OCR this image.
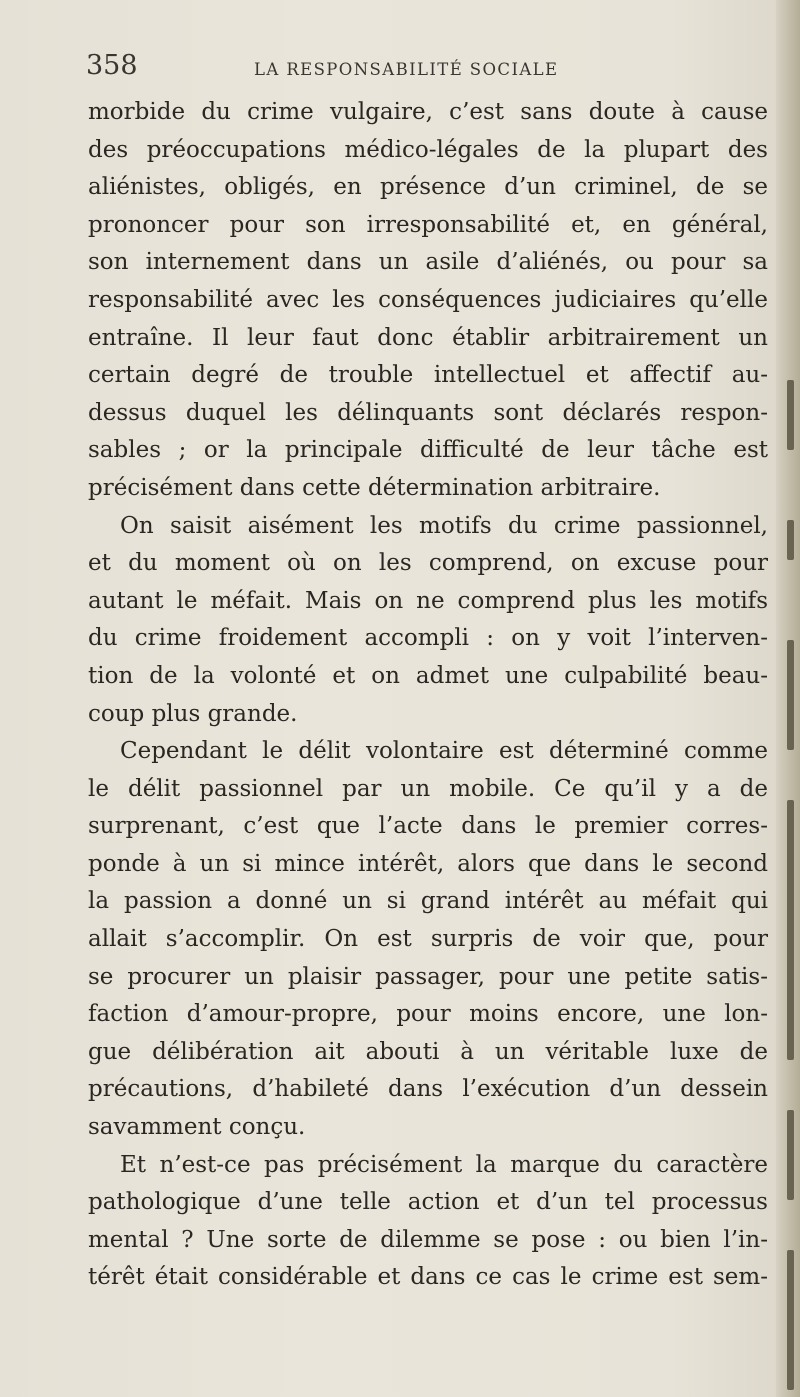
358	LA RESPONSABILITÉ SOCIALE
morbide du crime vulgaire, c’est sans doute à cause
des préoccupations médico-légales de la plupart des
aliénistes, obligés, en présence d’un criminel, de se
prononcer pour son irresponsabilité et, en général,
son internement dans un asile d’aliénés, ou pour sa
responsabilité avec les conséquences judiciaires qu’elle
entraîne. Il leur faut donc établir arbitrairement un
certain degré de trouble intellectuel et affectif au-
dessus duquel les délinquants sont déclarés respon-
sables ; or la principale difficulté de leur tâche est
précisément dans cette détermination arbitraire.
On saisit aisément les motifs du crime passionnel,
et du moment où on les comprend, on excuse pour
autant le méfait. Mais on ne comprend plus les motifs
du crime froidement accompli : on y voit l’interven-
tion de la volonté et on admet une culpabilité beau-
coup plus grande.
Cependant le délit volontaire est déterminé comme
le délit passionnel par un mobile. Ce qu’il y a de
surprenant, c’est que l’acte dans le premier corres-
ponde à un si mince intérêt, alors que dans le second
la passion a donné un si grand intérêt au méfait qui
allait s’accomplir. On est surpris de voir que, pour
se procurer un plaisir passager, pour une petite satis-
faction d’amour-propre, pour moins encore, une lon-
gue délibération ait abouti à un véritable luxe de
précautions, d’habileté dans l’exécution d’un dessein
savamment conçu.
Et n’est-ce pas précisément la marque du caractère
pathologique d’une telle action et d’un tel processus
mental ? Une sorte de dilemme se pose : ou bien l’in-
térêt était considérable et dans ce cas le crime est sem-
